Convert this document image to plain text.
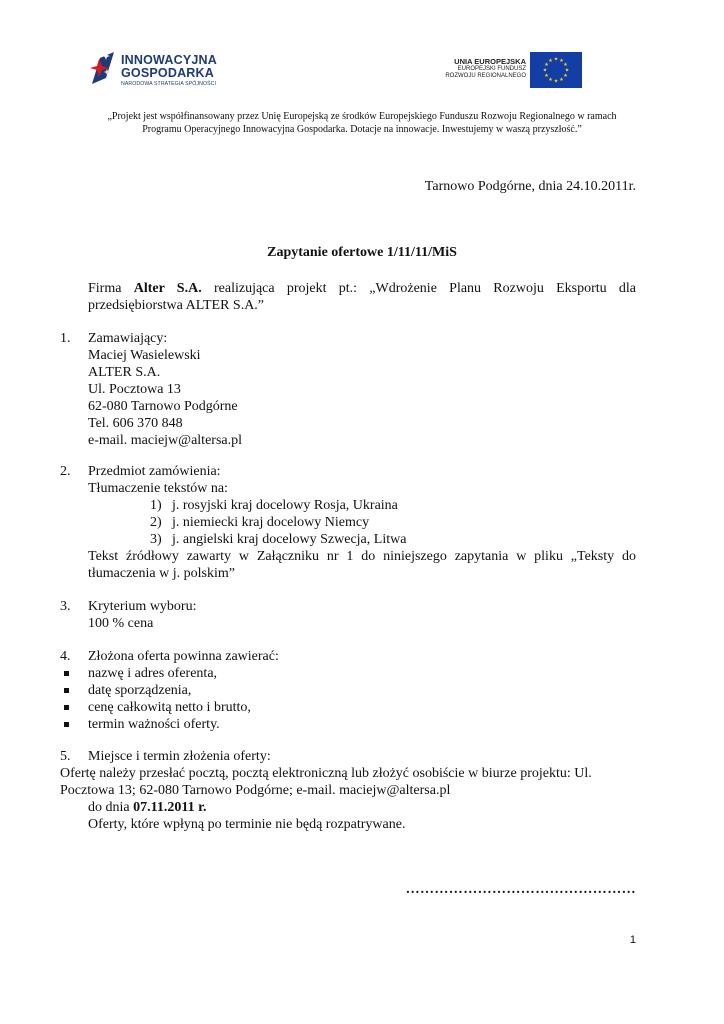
INNOWACYJNA
GOSPODARKA
NARODOWA STRATEGIA SPÓJNOŚCI
UNIA EUROPEJSKA
EUROPEJSKI FUNDUSZ
ROZWOJU REGIONALNEGO
★ ★
★
★
★
★
★
★
★
★
★
★
„Projekt jest współfinansowany przez Unię Europejską ze środków Europejskiego Funduszu Rozwoju Regionalnego w ramach Programu Operacyjnego Innowacyjna Gospodarka. Dotacje na innowacje. Inwestujemy w waszą przyszłość.”
Tarnowo Podgórne, dnia 24.10.2011r.
Zapytanie ofertowe 1/11/11/MiS
Firma Alter S.A. realizująca projekt pt.: „Wdrożenie Planu Rozwoju Eksportu dla przedsiębiorstwa ALTER S.A.”
1.	Zamawiający:
Maciej Wasielewski
ALTER S.A.
Ul. Pocztowa 13
62-080 Tarnowo Podgórne
Tel. 606 370 848
e-mail. maciejw@altersa.pl
2.	Przedmiot zamówienia:
Tłumaczenie tekstów na:
1) j. rosyjski kraj docelowy Rosja, Ukraina
2) j. niemiecki kraj docelowy Niemcy
3) j. angielski kraj docelowy Szwecja, Litwa
Tekst źródłowy zawarty w Załączniku nr 1 do niniejszego zapytania w pliku „Teksty do tłumaczenia w j. polskim”
3.	Kryterium wyboru:
100 % cena
4.	Złożona oferta powinna zawierać:
nazwę i adres oferenta,
datę sporządzenia,
cenę całkowitą netto i brutto,
termin ważności oferty.
5.	Miejsce i termin złożenia oferty:
Ofertę należy przesłać pocztą, pocztą elektroniczną lub złożyć osobiście w biurze projektu: Ul. Pocztowa 13; 62-080 Tarnowo Podgórne; e-mail. maciejw@altersa.pl
do dnia 07.11.2011 r.
Oferty, które wpłyną po terminie nie będą rozpatrywane.
…………………………………………
1
